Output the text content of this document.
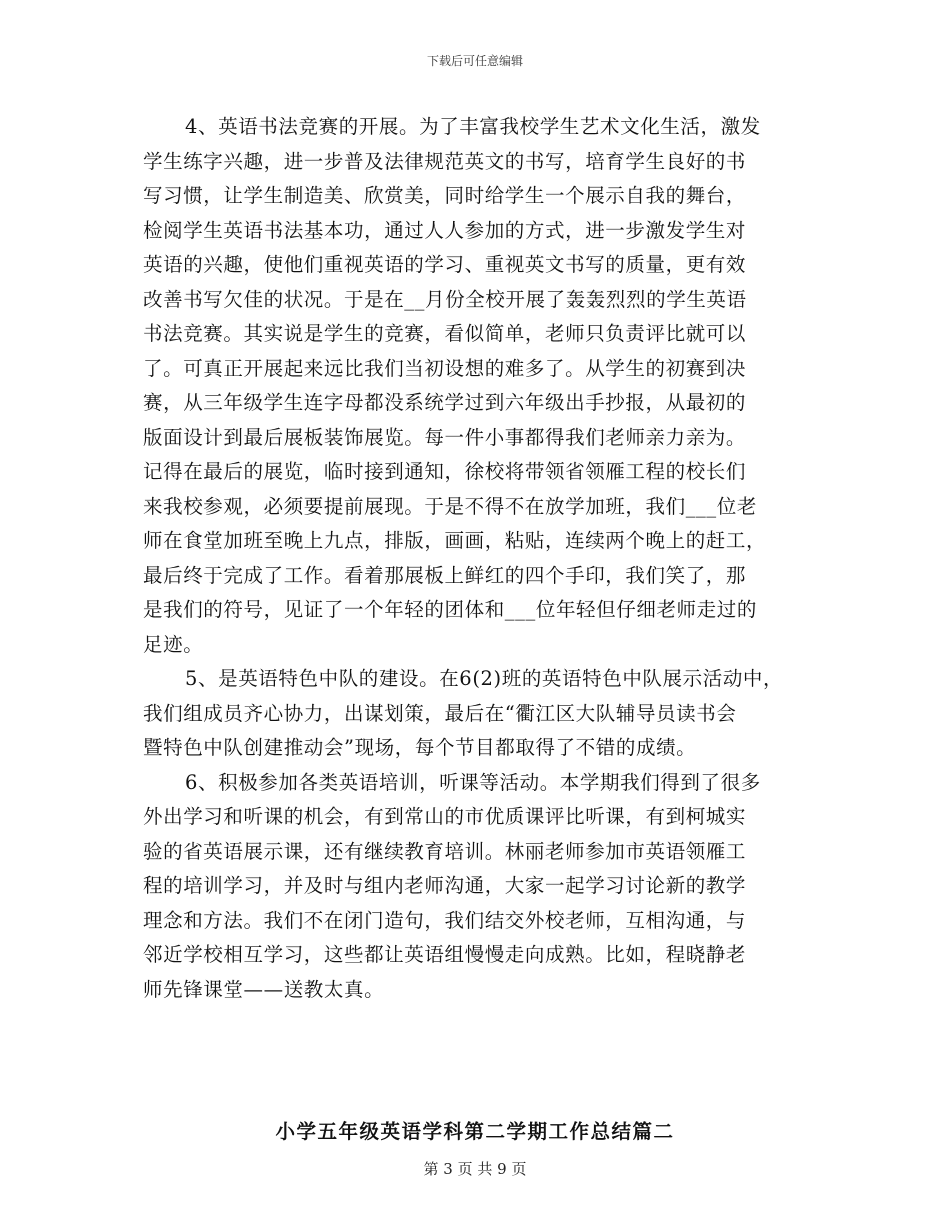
下载后可任意编辑
4、英语书法竞赛的开展。为了丰富我校学生艺术文化生活，激发
学生练字兴趣，进一步普及法律规范英文的书写，培育学生良好的书
写习惯，让学生制造美、欣赏美，同时给学生一个展示自我的舞台，
检阅学生英语书法基本功，通过人人参加的方式，进一步激发学生对
英语的兴趣，使他们重视英语的学习、重视英文书写的质量，更有效
改善书写欠佳的状况。于是在__月份全校开展了轰轰烈烈的学生英语
书法竞赛。其实说是学生的竞赛，看似简单，老师只负责评比就可以
了。可真正开展起来远比我们当初设想的难多了。从学生的初赛到决
赛，从三年级学生连字母都没系统学过到六年级出手抄报，从最初的
版面设计到最后展板装饰展览。每一件小事都得我们老师亲力亲为。
记得在最后的展览，临时接到通知，徐校将带领省领雁工程的校长们
来我校参观，必须要提前展现。于是不得不在放学加班，我们___位老
师在食堂加班至晚上九点，排版，画画，粘贴，连续两个晚上的赶工，
最后终于完成了工作。看着那展板上鲜红的四个手印，我们笑了，那
是我们的符号，见证了一个年轻的团体和___位年轻但仔细老师走过的
足迹。
5、是英语特色中队的建设。在6(2)班的英语特色中队展示活动中，
我们组成员齐心协力，出谋划策，最后在“衢江区大队辅导员读书会
暨特色中队创建推动会”现场，每个节目都取得了不错的成绩。
6、积极参加各类英语培训，听课等活动。本学期我们得到了很多
外出学习和听课的机会，有到常山的市优质课评比听课，有到柯城实
验的省英语展示课，还有继续教育培训。林丽老师参加市英语领雁工
程的培训学习，并及时与组内老师沟通，大家一起学习讨论新的教学
理念和方法。我们不在闭门造句，我们结交外校老师，互相沟通，与
邻近学校相互学习，这些都让英语组慢慢走向成熟。比如，程晓静老
师先锋课堂——送教太真。
小学五年级英语学科第二学期工作总结篇二
第 3 页 共 9 页
